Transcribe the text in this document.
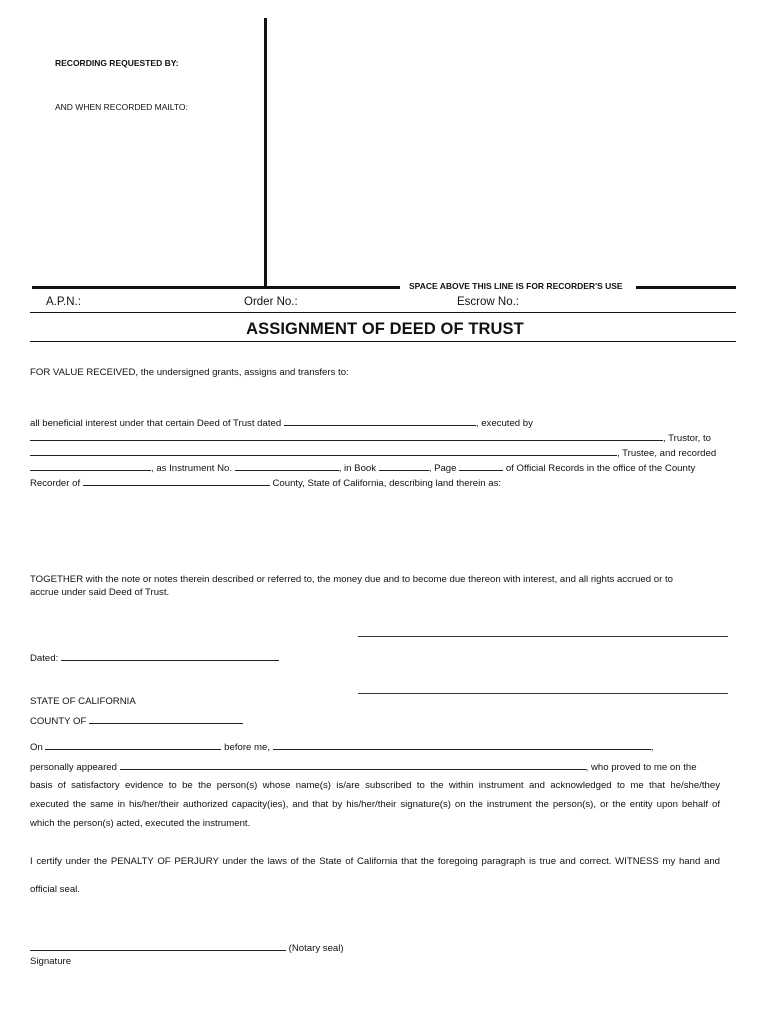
RECORDING REQUESTED BY:
AND WHEN RECORDED MAILTO:
SPACE ABOVE THIS LINE IS FOR RECORDER'S USE
A.P.N.:	Order No.:	Escrow No.:
ASSIGNMENT OF DEED OF TRUST
FOR VALUE RECEIVED, the undersigned grants, assigns and transfers to:
all beneficial interest under that certain Deed of Trust dated	, executed by
, Trustor, to
, Trustee, and recorded
, as Instrument No.	, in Book	, Page	of Official Records in the office of the County
Recorder of	County, State of California, describing land therein as:
TOGETHER with the note or notes therein described or referred to, the money due and to become due thereon with interest, and all rights accrued or to
accrue under said Deed of Trust.
Dated:
STATE OF CALIFORNIA
COUNTY OF
On	before me,	,
personally appeared	, who proved to me on the
basis of satisfactory evidence to be the person(s) whose name(s) is/are subscribed to the within instrument and acknowledged to me that he/she/they
executed the same in his/her/their authorized capacity(ies), and that by his/her/their signature(s) on the instrument the person(s), or the entity upon behalf of
which the person(s) acted, executed the instrument.
I certify under the PENALTY OF PERJURY under the laws of the State of California that the foregoing paragraph is true and correct. WITNESS my hand and
official seal.
(Notary seal)
Signature
